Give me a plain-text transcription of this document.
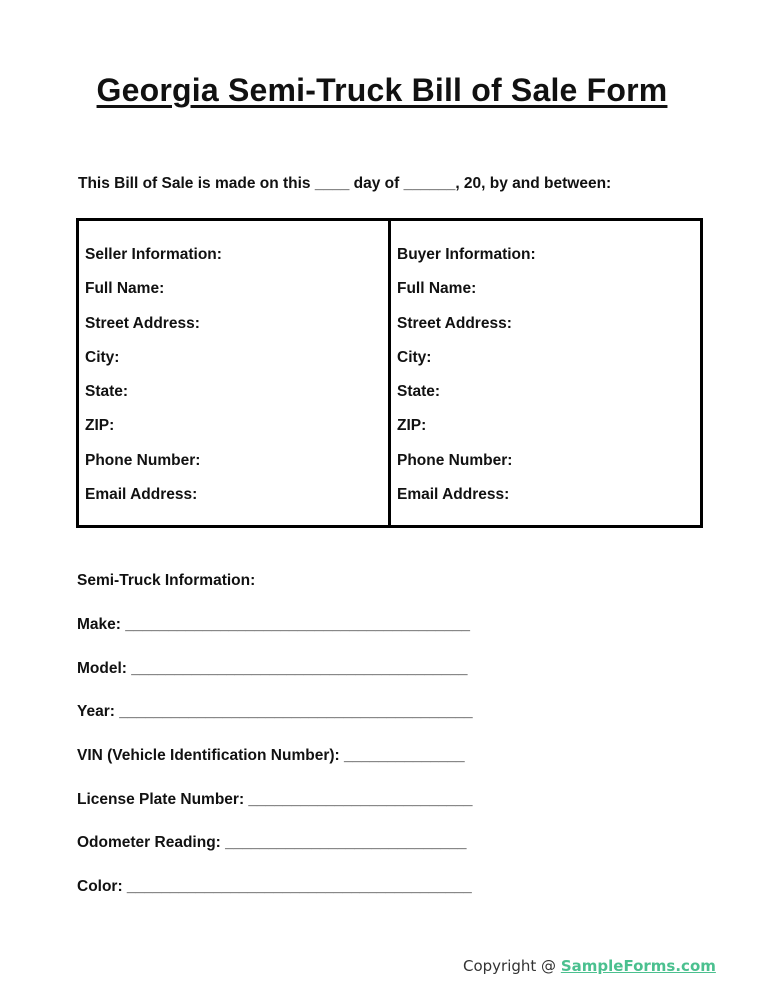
Georgia Semi-Truck Bill of Sale Form
This Bill of Sale is made on this ____ day of ______, 20, by and between:
Seller Information:
Full Name:
Street Address:
City:
State:
ZIP:
Phone Number:
Email Address:
Buyer Information:
Full Name:
Street Address:
City:
State:
ZIP:
Phone Number:
Email Address:
Semi-Truck Information:
Make: ________________________________________
Model: _______________________________________
Year: _________________________________________
VIN (Vehicle Identification Number): ______________
License Plate Number: __________________________
Odometer Reading: ____________________________
Color: ________________________________________
Copyright @ SampleForms.com
